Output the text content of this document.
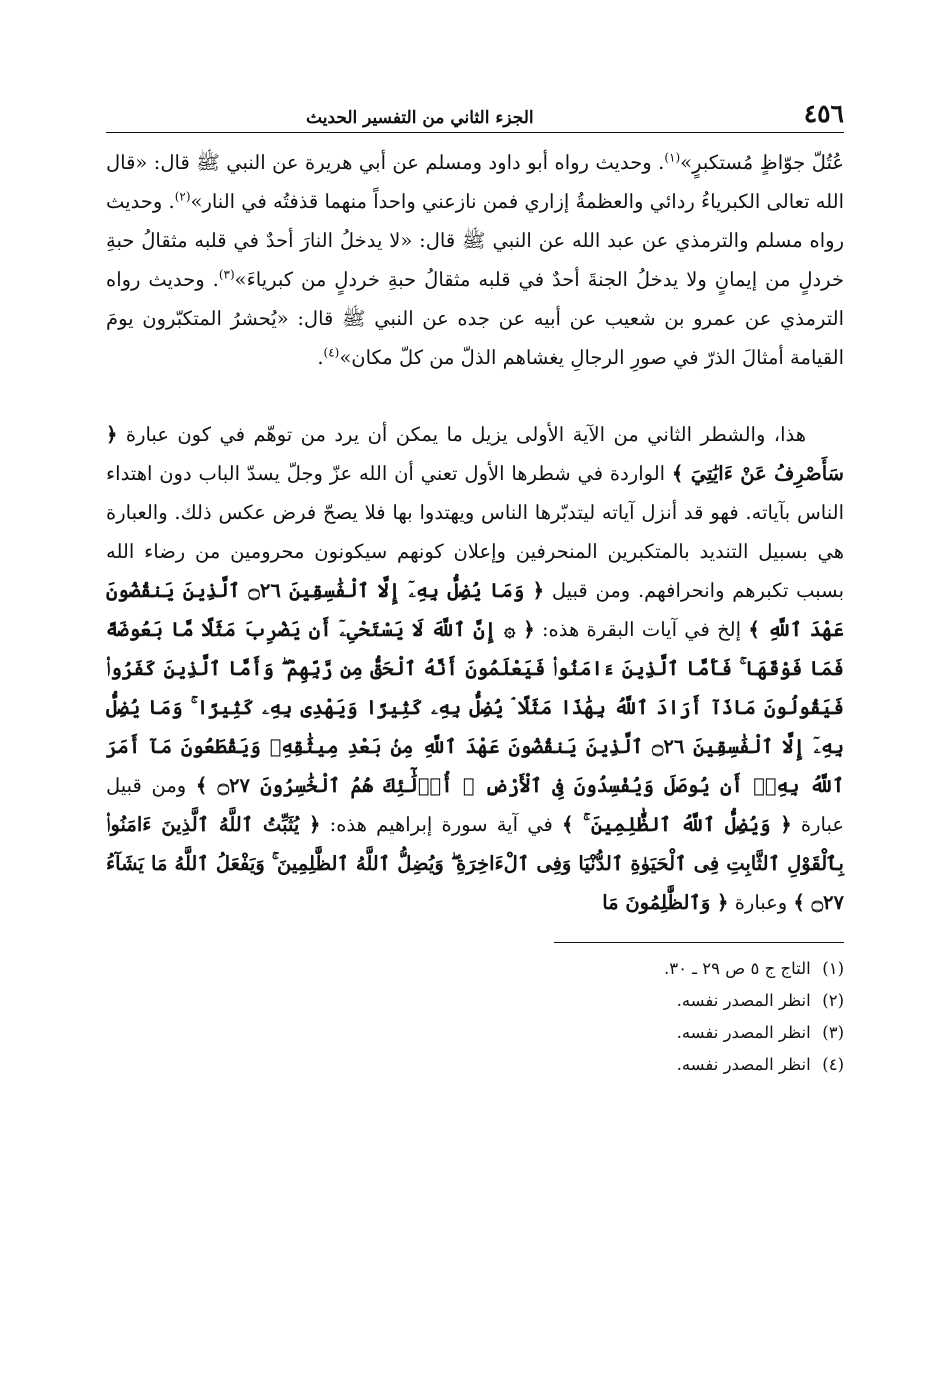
٤٥٦
الجزء الثاني من التفسير الحديث

عُتُلّ جوّاظٍ مُستكبرٍ»$^{(١)}$. وحديث رواه أبو داود ومسلم عن أبي هريرة عن النبي ﷺ قال: «قال الله تعالى الكبرياءُ ردائي والعظمةُ إزاري فمن نازعني واحداً منهما قذفتُه في النار»$^{(٢)}$. وحديث رواه مسلم والترمذي عن عبد الله عن النبي ﷺ قال: «لا يدخلُ النارَ أحدٌ في قلبه مثقالُ حبةِ خردلٍ من إيمانٍ ولا يدخلُ الجنةَ أحدٌ في قلبه مثقالُ حبةِ خردلٍ من كبرياءَ»$^{(٣)}$. وحديث رواه الترمذي عن عمرو بن شعيب عن أبيه عن جده عن النبي ﷺ قال: «يُحشرُ المتكبّرون يومَ القيامة أمثالَ الذرّ في صورِ الرجالِ يغشاهم الذلّ من كلّ مكان»$^{(٤)}$.

هذا، والشطر الثاني من الآية الأولى يزيل ما يمكن أن يرد من توهّم في كون عبارة ﴿ سَأَصْرِفُ عَنْ ءَايَٰتِيَ ﴾ الواردة في شطرها الأول تعني أن الله عزّ وجلّ يسدّ الباب دون اهتداء الناس بآياته. فهو قد أنزل آياته ليتدبّرها الناس ويهتدوا بها فلا يصحّ فرض عكس ذلك. والعبارة هي بسبيل التنديد بالمتكبرين المنحرفين وإعلان كونهم سيكونون محرومين من رضاء الله بسبب تكبرهم وانحرافهم. ومن قبيل ﴿ وَمَا يُضِلُّ بِهِۦٓ إِلَّا ٱلْفَٰسِقِينَ ۝٢٦ ٱلَّذِينَ يَنقُضُونَ عَهْدَ ٱللَّهِ ﴾ إلخ في آيات البقرة هذه: ﴿ ۞ إِنَّ ٱللَّهَ لَا يَسْتَحْىِۦٓ أَن يَضْرِبَ مَثَلًا مَّا بَعُوضَةً فَمَا فَوْقَهَا ۚ فَأَمَّا ٱلَّذِينَ ءَامَنُوا۟ فَيَعْلَمُونَ أَنَّهُ ٱلْحَقُّ مِن رَّبِّهِمْ ۖ وَأَمَّا ٱلَّذِينَ كَفَرُوا۟ فَيَقُولُونَ مَاذَآ أَرَادَ ٱللَّهُ بِهَٰذَا مَثَلًا ۘ يُضِلُّ بِهِۦ كَثِيرًا وَيَهْدِى بِهِۦ كَثِيرًا ۚ وَمَا يُضِلُّ بِهِۦٓ إِلَّا ٱلْفَٰسِقِينَ ۝٢٦ ٱلَّذِينَ يَنقُضُونَ عَهْدَ ٱللَّهِ مِنۢ بَعْدِ مِيثَٰقِهِۦ وَيَقْطَعُونَ مَآ أَمَرَ ٱللَّهُ بِهِۦٓ أَن يُوصَلَ وَيُفْسِدُونَ فِى ٱلْأَرْضِ ۚ أُو۟لَٰٓئِكَ هُمُ ٱلْخَٰسِرُونَ ۝٢٧ ﴾ ومن قبيل عبارة ﴿ وَيُضِلُّ ٱللَّهُ ٱلظَّٰلِمِينَ ۚ ﴾ في آية سورة إبراهيم هذه: ﴿ يُثَبِّتُ ٱللَّهُ ٱلَّذِينَ ءَامَنُوا۟ بِٱلْقَوْلِ ٱلثَّابِتِ فِى ٱلْحَيَوٰةِ ٱلدُّنْيَا وَفِى ٱلْءَاخِرَةِ ۖ وَيُضِلُّ ٱللَّهُ ٱلظَّٰلِمِينَ ۚ وَيَفْعَلُ ٱللَّهُ مَا يَشَآءُ ۝٢٧ ﴾ وعبارة ﴿ وَٱلظَّٰلِمُونَ مَا

(١) التاج ج ٥ ص ٢٩ ـ ٣٠.
(٢) انظر المصدر نفسه.
(٣) انظر المصدر نفسه.
(٤) انظر المصدر نفسه.
